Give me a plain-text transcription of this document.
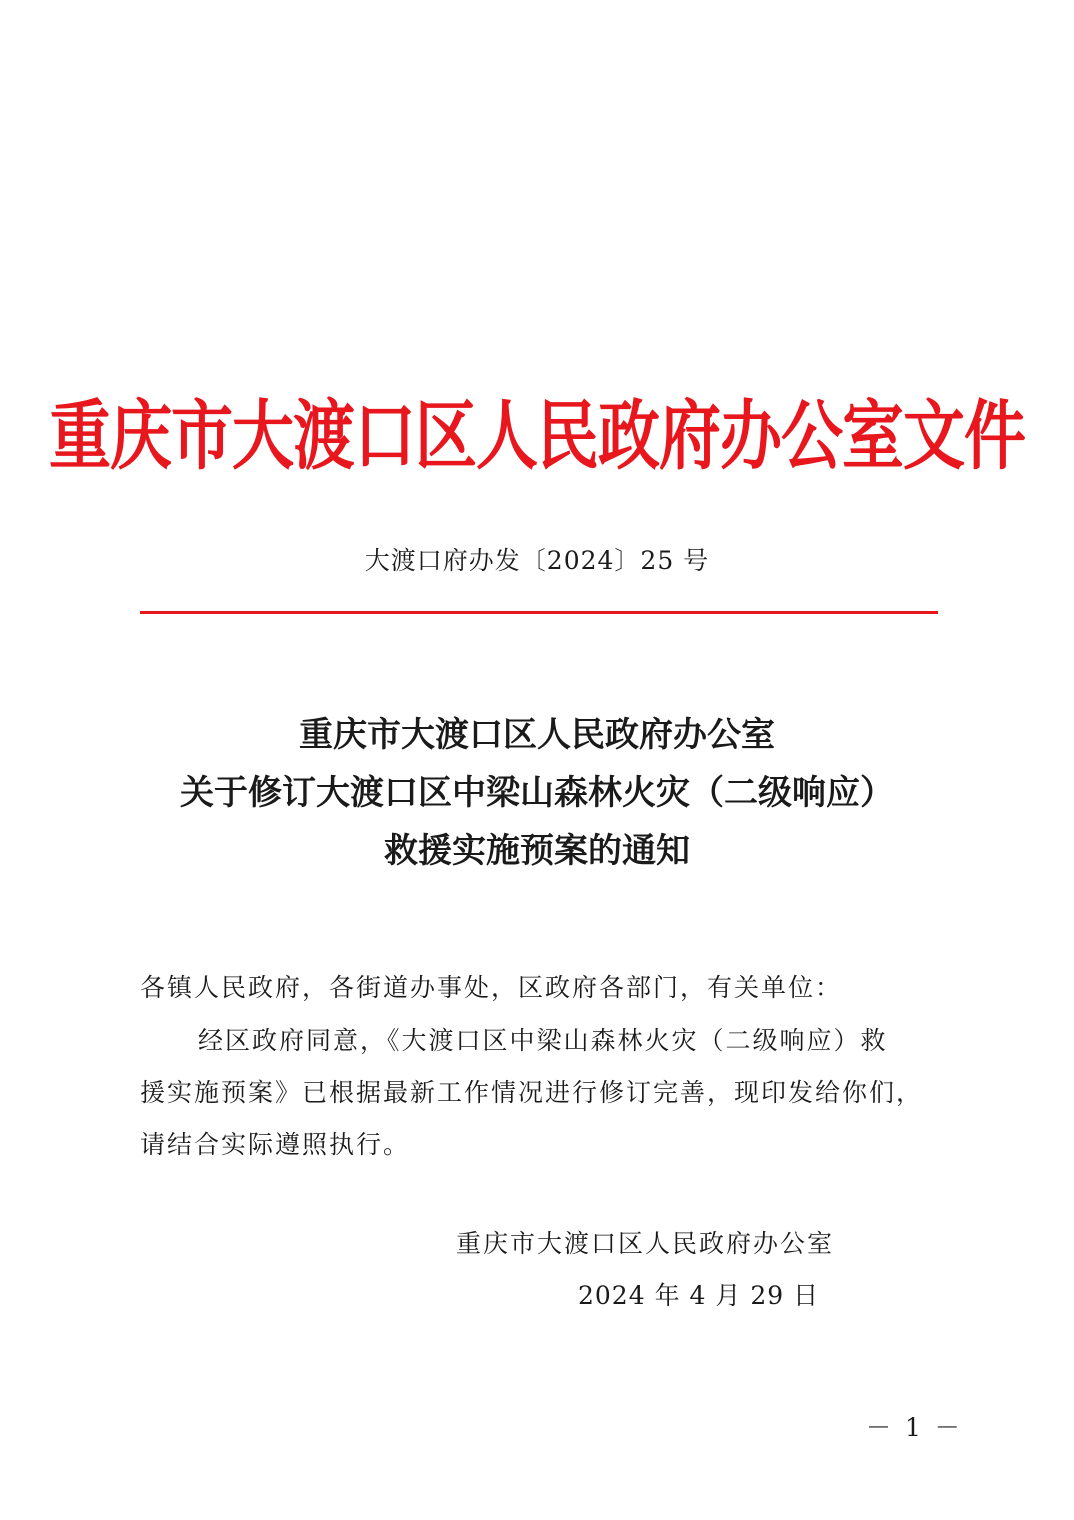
重庆市大渡口区人民政府办公室文件
大渡口府办发〔2024〕25 号
重庆市大渡口区人民政府办公室
关于修订大渡口区中梁山森林火灾（二级响应）
救援实施预案的通知
各镇人民政府，各街道办事处，区政府各部门，有关单位：
经区政府同意，《大渡口区中梁山森林火灾（二级响应）救
援实施预案》已根据最新工作情况进行修订完善，现印发给你们，
请结合实际遵照执行。
重庆市大渡口区人民政府办公室
2024 年 4 月 29 日
－ 1 －
